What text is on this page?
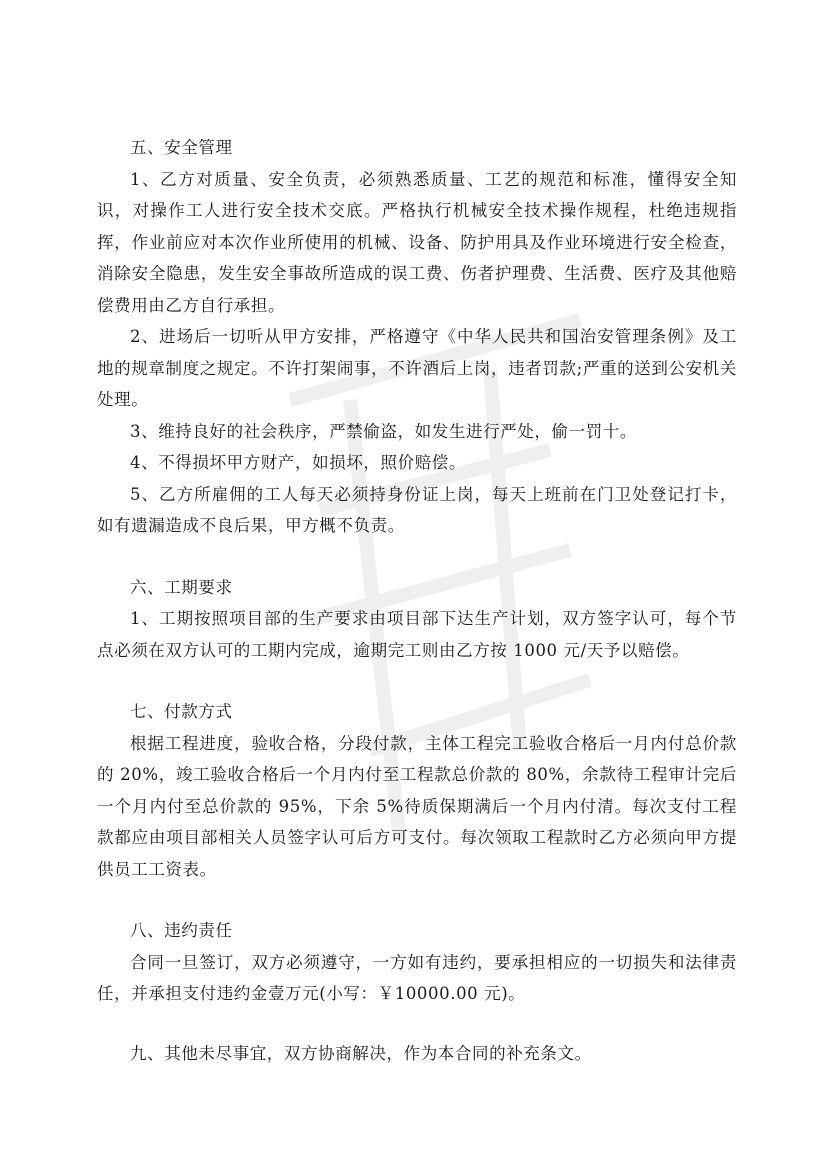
五、安全管理

1、乙方对质量、安全负责，必须熟悉质量、工艺的规范和标准，懂得安全知识，对操作工人进行安全技术交底。严格执行机械安全技术操作规程，杜绝违规指挥，作业前应对本次作业所使用的机械、设备、防护用具及作业环境进行安全检查，消除安全隐患，发生安全事故所造成的误工费、伤者护理费、生活费、医疗及其他赔偿费用由乙方自行承担。

2、进场后一切听从甲方安排，严格遵守《中华人民共和国治安管理条例》及工地的规章制度之规定。不许打架闹事，不许酒后上岗，违者罚款;严重的送到公安机关处理。

3、维持良好的社会秩序，严禁偷盗，如发生进行严处，偷一罚十。

4、不得损坏甲方财产，如损坏，照价赔偿。

5、乙方所雇佣的工人每天必须持身份证上岗，每天上班前在门卫处登记打卡，如有遗漏造成不良后果，甲方概不负责。

六、工期要求

1、工期按照项目部的生产要求由项目部下达生产计划，双方签字认可，每个节点必须在双方认可的工期内完成，逾期完工则由乙方按 1000 元/天予以赔偿。

七、付款方式

根据工程进度，验收合格，分段付款，主体工程完工验收合格后一月内付总价款的 20%，竣工验收合格后一个月内付至工程款总价款的 80%，余款待工程审计完后一个月内付至总价款的 95%，下余 5%待质保期满后一个月内付清。每次支付工程款都应由项目部相关人员签字认可后方可支付。每次领取工程款时乙方必须向甲方提供员工工资表。

八、违约责任

合同一旦签订，双方必须遵守，一方如有违约，要承担相应的一切损失和法律责任，并承担支付违约金壹万元(小写：￥10000.00 元)。

九、其他未尽事宜，双方协商解决，作为本合同的补充条文。
